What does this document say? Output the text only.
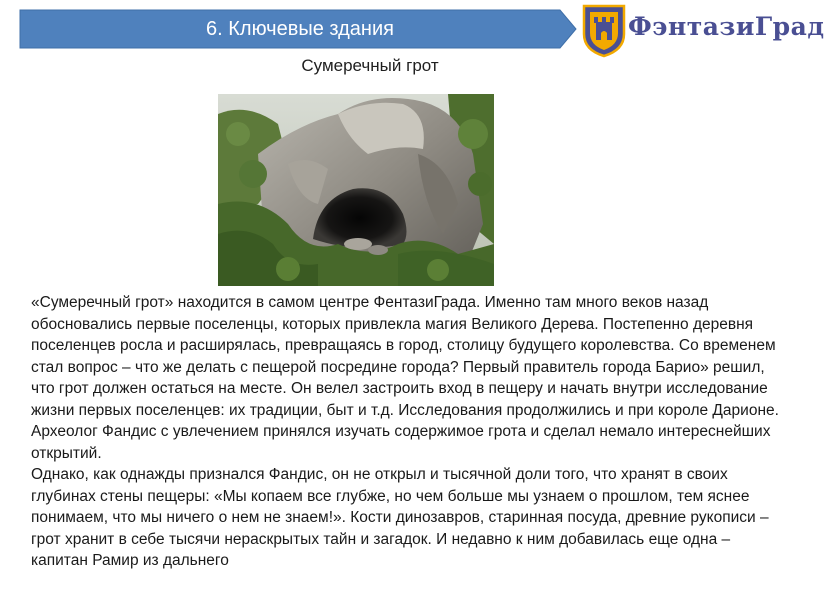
6. Ключевые здания	ФэнтазиГрад
Сумеречный грот

«Сумеречный грот» находится в самом центре ФентазиГрада. Именно там много веков назад обосновались первые поселенцы, которых привлекла магия Великого Дерева. Постепенно деревня поселенцев росла и расширялась, превращаясь в город, столицу будущего королевства. Со временем стал вопрос – что же делать с пещерой посредине города? Первый правитель города Барио» решил, что грот должен остаться на месте. Он велел застроить вход в пещеру и начать внутри исследование жизни первых поселенцев: их традиции, быт и т.д. Исследования продолжились и при короле Дарионе. Археолог Фандис с увлечением принялся изучать содержимое грота и сделал немало интереснейших открытий.

Однако, как однажды признался Фандис, он не открыл и тысячной доли того, что хранят в своих глубинах стены пещеры: «Мы копаем все глубже, но чем больше мы узнаем о прошлом, тем яснее понимаем, что мы ничего о нем не знаем!». Кости динозавров, старинная посуда, древние рукописи – грот хранит в себе тысячи нераскрытых тайн и загадок. И недавно к ним добавилась еще одна – капитан Рамир из дальнего
